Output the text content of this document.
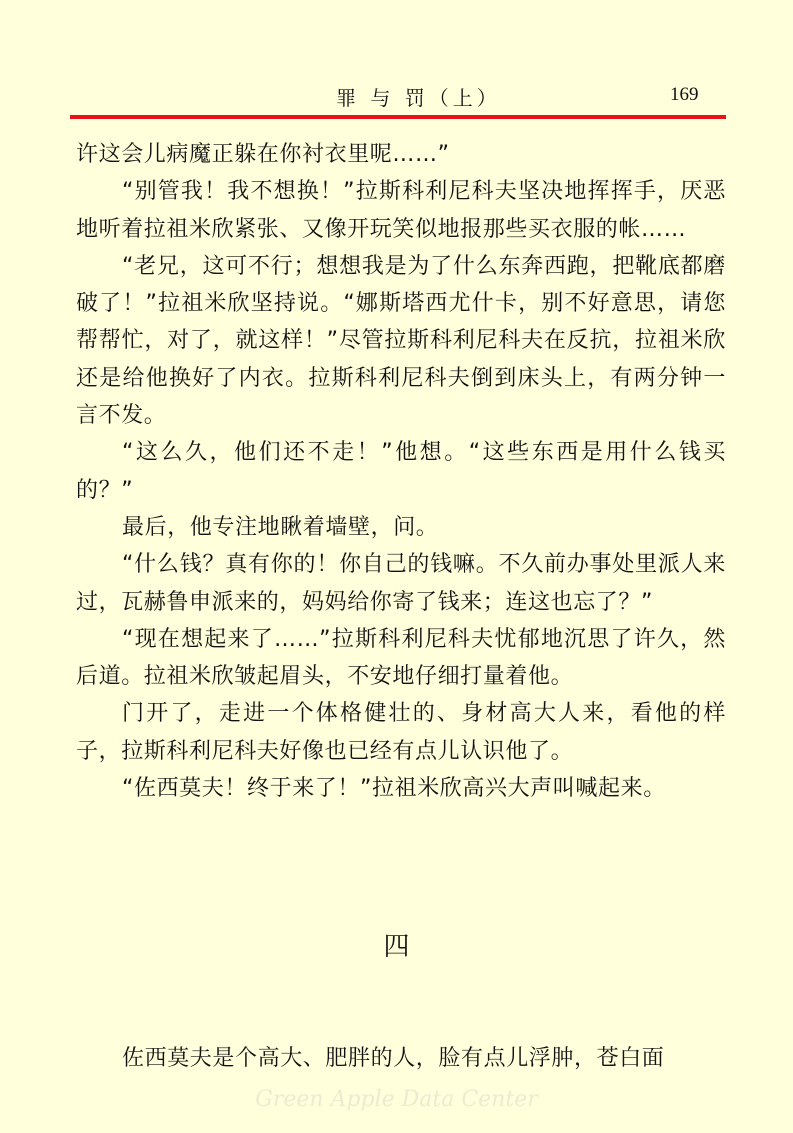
罪 与 罚（上）	169

许这会儿病魔正躲在你衬衣里呢……”

“别管我！我不想换！”拉斯科利尼科夫坚决地挥挥手，厌恶地听着拉祖米欣紧张、又像开玩笑似地报那些买衣服的帐……

“老兄，这可不行；想想我是为了什么东奔西跑，把靴底都磨破了！”拉祖米欣坚持说。“娜斯塔西尤什卡，别不好意思，请您帮帮忙，对了，就这样！”尽管拉斯科利尼科夫在反抗，拉祖米欣还是给他换好了内衣。拉斯科利尼科夫倒到床头上，有两分钟一言不发。

“这么久，他们还不走！”他想。“这些东西是用什么钱买的？”

最后，他专注地瞅着墙壁，问。

“什么钱？真有你的！你自己的钱嘛。不久前办事处里派人来过，瓦赫鲁申派来的，妈妈给你寄了钱来；连这也忘了？”

“现在想起来了……”拉斯科利尼科夫忧郁地沉思了许久，然后道。拉祖米欣皱起眉头，不安地仔细打量着他。

门开了，走进一个体格健壮的、身材高大人来，看他的样子，拉斯科利尼科夫好像也已经有点儿认识他了。

“佐西莫夫！终于来了！”拉祖米欣高兴大声叫喊起来。

四

佐西莫夫是个高大、肥胖的人，脸有点儿浮肿，苍白面

Green Apple Data Center
